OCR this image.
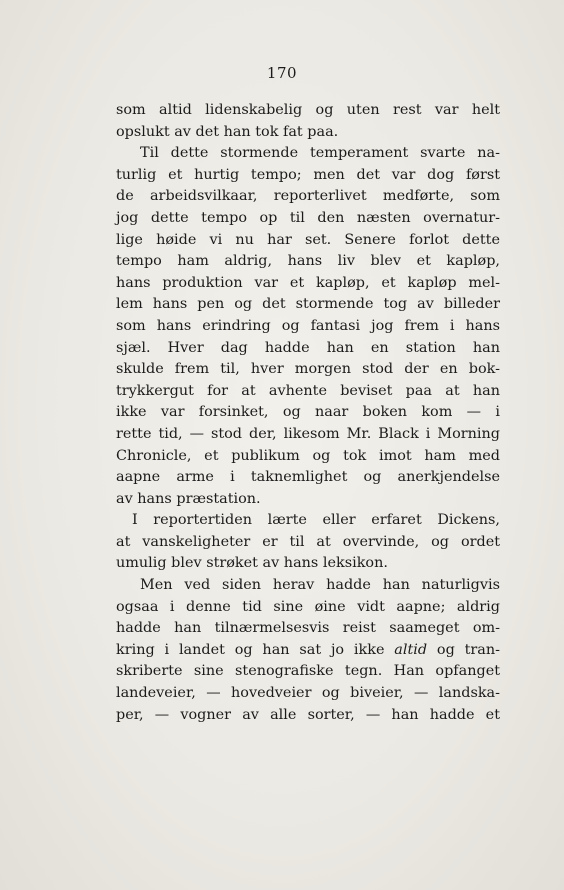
170
som altid lidenskabelig og uten rest var helt
opslukt av det han tok fat paa.
Til dette stormende temperament svarte na-
turlig et hurtig tempo; men det var dog først
de arbeidsvilkaar, reporterlivet medførte, som
jog dette tempo op til den næsten overnatur-
lige høide vi nu har set. Senere forlot dette
tempo ham aldrig, hans liv blev et kapløp,
hans produktion var et kapløp, et kapløp mel-
lem hans pen og det stormende tog av billeder
som hans erindring og fantasi jog frem i hans
sjæl. Hver dag hadde han en station han
skulde frem til, hver morgen stod der en bok-
trykkergut for at avhente beviset paa at han
ikke var forsinket, og naar boken kom — i
rette tid, — stod der, likesom Mr. Black i Morning
Chronicle, et publikum og tok imot ham med
aapne arme i taknemlighet og anerkjendelse
av hans præstation.
I reportertiden lærte eller erfaret Dickens,
at vanskeligheter er til at overvinde, og ordet
umulig blev strøket av hans leksikon.
Men ved siden herav hadde han naturligvis
ogsaa i denne tid sine øine vidt aapne; aldrig
hadde han tilnærmelsesvis reist saameget om-
kring i landet og han sat jo ikke altid og tran-
skriberte sine stenografiske tegn. Han opfanget
landeveier, — hovedveier og biveier, — landska-
per, — vogner av alle sorter, — han hadde et
